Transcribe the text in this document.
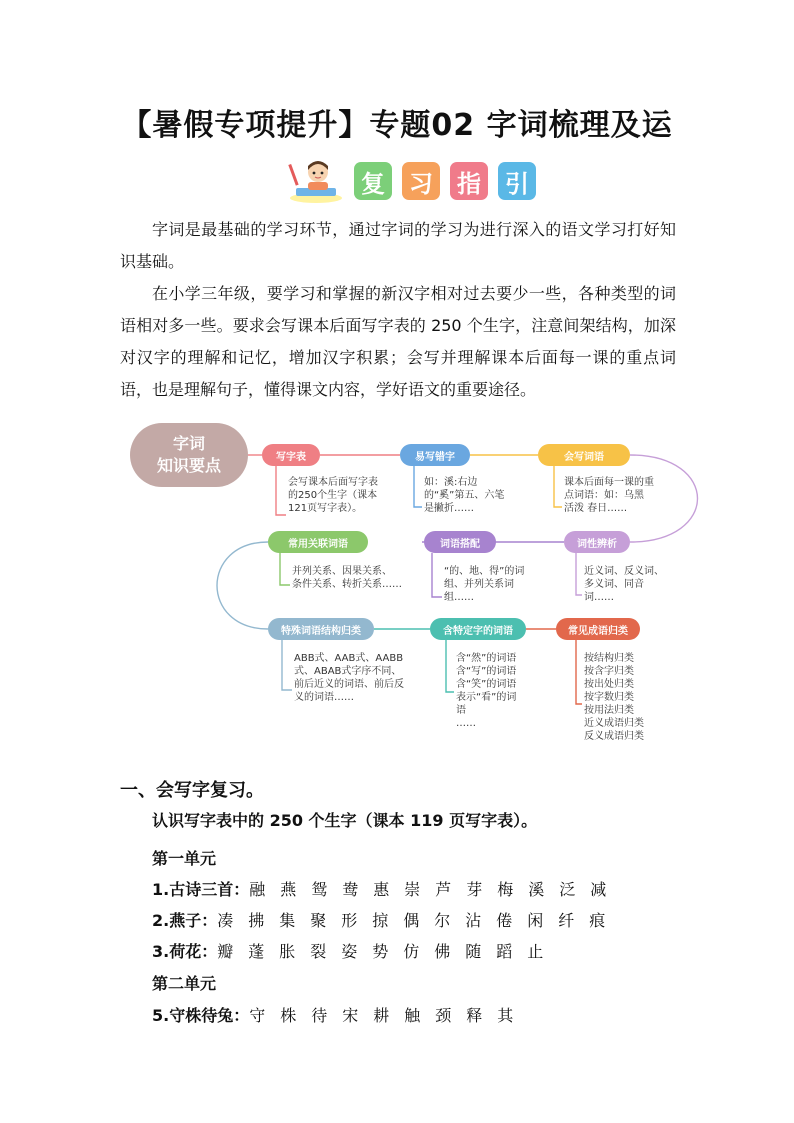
【暑假专项提升】专题02 字词梳理及运
复 习 指 引
字词是最基础的学习环节，通过字词的学习为进行深入的语文学习打好知识基础。
在小学三年级，要学习和掌握的新汉字相对过去要少一些，各种类型的词语相对多一些。要求会写课本后面写字表的 250 个生字，注意间架结构，加深对汉字的理解和记忆，增加汉字积累；会写并理解课本后面每一课的重点词语，也是理解句子，懂得课文内容，学好语文的重要途径。
字词
知识要点	写字表	易写错字	会写词语
常用关联词语	词语搭配	词性辨析
特殊词语结构归类	含特定字的词语	常见成语归类
会写课本后面写字表
的250个生字（课本
121页写字表）。
如：溪:右边
的“奚”第五、六笔
是撇折……
课本后面每一课的重
点词语：如：乌黑
活泼 春日……
并列关系、因果关系、
条件关系、转折关系……
“的、地、得”的词
组、并列关系词
组……
近义词、反义词、
多义词、同音
词……
ABB式、AAB式、AABB
式、ABAB式字序不同、
前后近义的词语、前后反
义的词语……
含“然”的词语
含“写”的词语
含“笑”的词语
表示“看”的词
语
……
按结构归类
按含字归类
按出处归类
按字数归类
按用法归类
近义成语归类
反义成语归类
一、会写字复习。
认识写字表中的 250 个生字（课本 119 页写字表）。
第一单元
1.古诗三首：融 燕 鸳 鸯 惠 崇 芦 芽 梅 溪 泛 减
2.燕子：凑 拂 集 聚 形 掠 偶 尔 沾 倦 闲 纤 痕
3.荷花：瓣 蓬 胀 裂 姿 势 仿 佛 随 蹈 止
第二单元
5.守株待兔：守 株 待 宋 耕 触 颈 释 其
